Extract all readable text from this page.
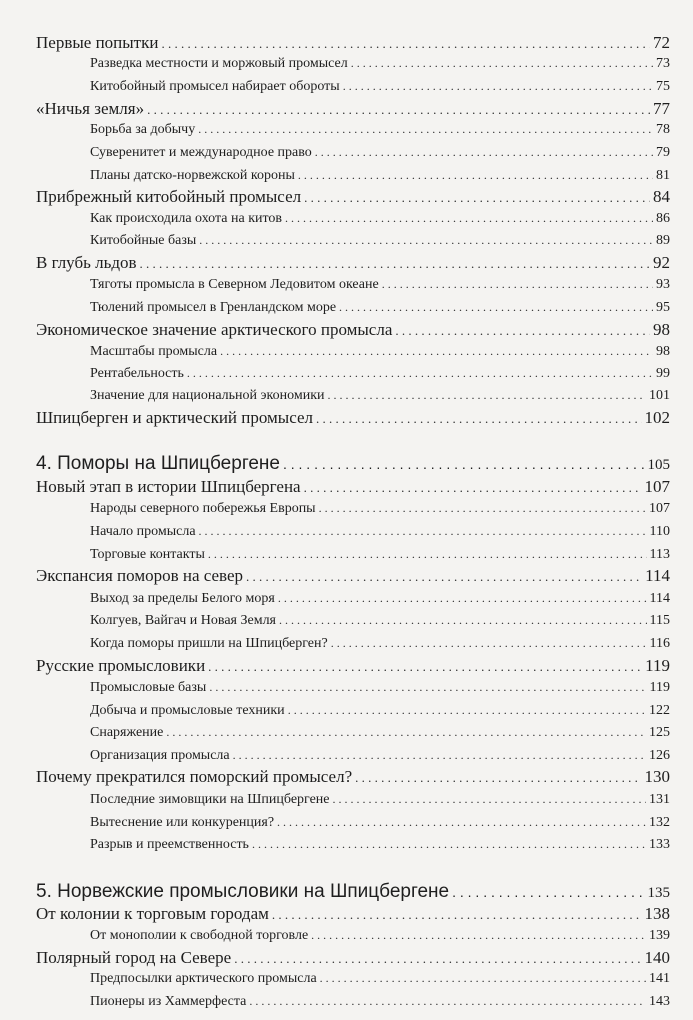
Первые попытки . . .	72
Разведка местности и моржовый промысел . . .	73
Китобойный промысел набирает обороты . . .	75
«Ничья земля» . . .	77
Борьба за добычу . . .	78
Суверенитет и международное право . . .	79
Планы датско-норвежской короны . . .	81
Прибрежный китобойный промысел . . .	84
Как происходила охота на китов . . .	86
Китобойные базы . . .	89
В глубь льдов . . .	92
Тяготы промысла в Северном Ледовитом океане . . .	93
Тюлений промысел в Гренландском море . . .	95
Экономическое значение арктического промысла . . .	98
Масштабы промысла . . .	98
Рентабельность . . .	99
Значение для национальной экономики . . .	101
Шпицберген и арктический промысел . . .	102
4. Поморы на Шпицбергене . . .	105
Новый этап в истории Шпицбергена . . .	107
Народы северного побережья Европы . . .	107
Начало промысла . . .	110
Торговые контакты . . .	113
Экспансия поморов на север . . .	114
Выход за пределы Белого моря . . .	114
Колгуев, Вайгач и Новая Земля . . .	115
Когда поморы пришли на Шпицберген? . . .	116
Русские промысловики . . .	119
Промысловые базы . . .	119
Добыча и промысловые техники . . .	122
Снаряжение . . .	125
Организация промысла . . .	126
Почему прекратился поморский промысел? . . .	130
Последние зимовщики на Шпицбергене . . .	131
Вытеснение или конкуренция? . . .	132
Разрыв и преемственность . . .	133
5. Норвежские промысловики на Шпицбергене . . .	135
От колонии к торговым городам . . .	138
От монополии к свободной торговле . . .	139
Полярный город на Севере . . .	140
Предпосылки арктического промысла . . .	141
Пионеры из Хаммерфеста . . .	143
